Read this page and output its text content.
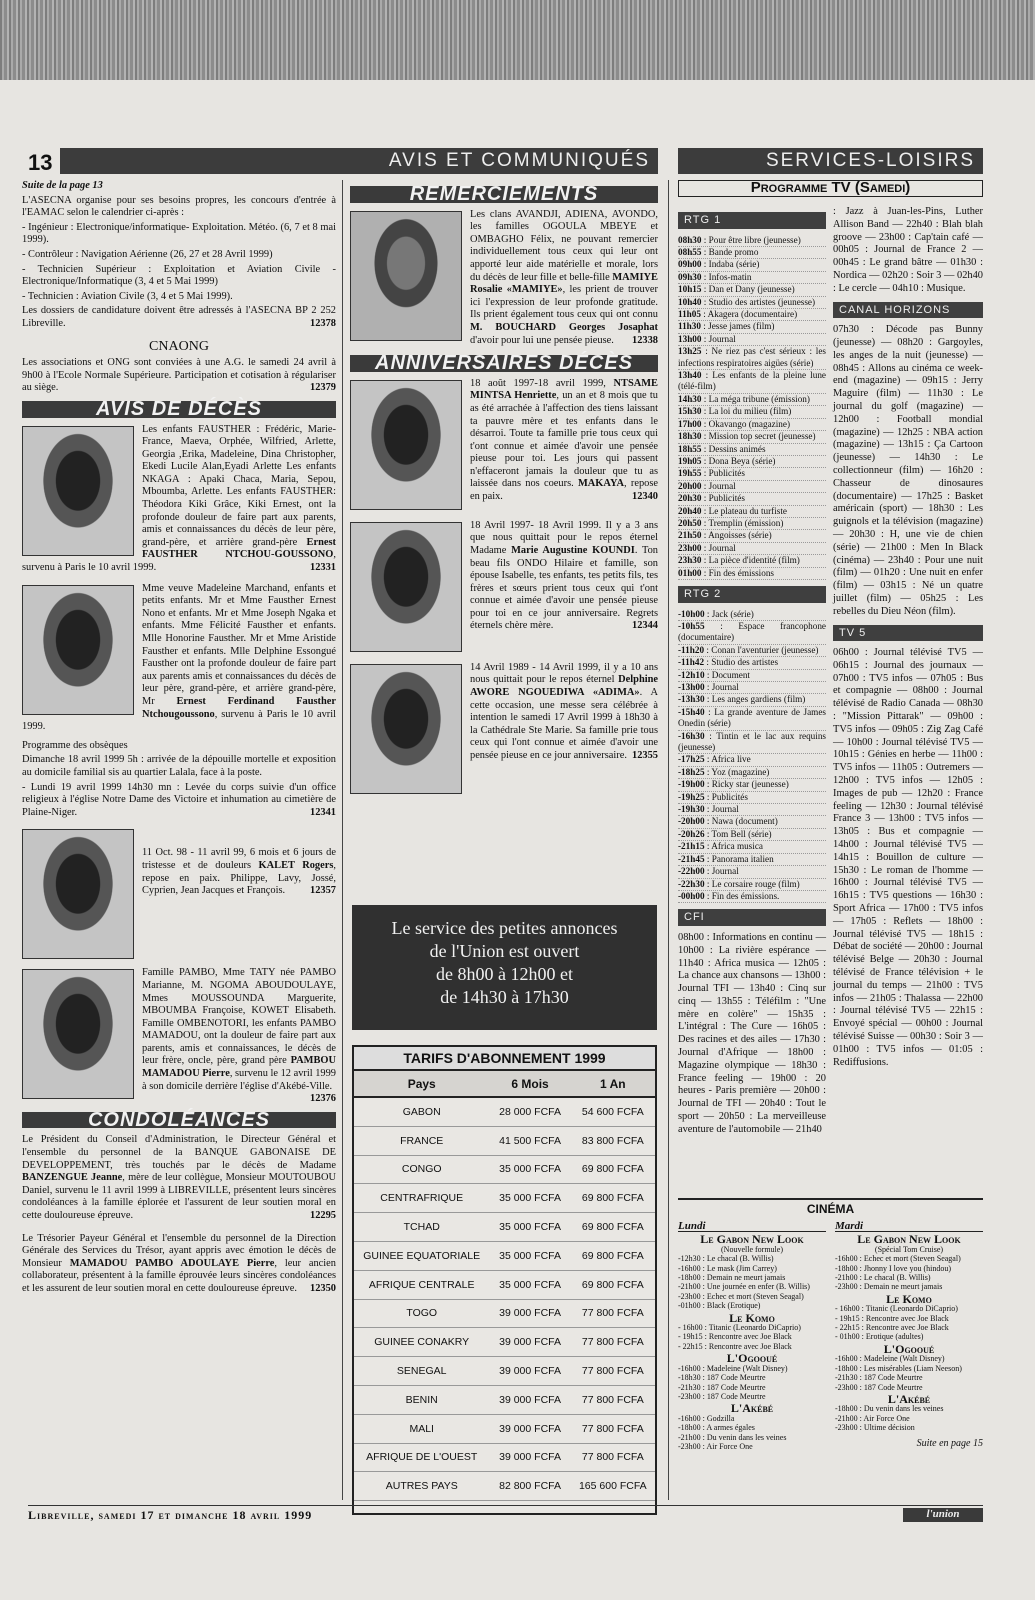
13	AVIS ET COMMUNIQUÉS	SERVICES-LOISIRS

Suite de la page 13

L'ASECNA organise pour ses besoins propres, les concours d'entrée à l'EAMAC selon le calendrier ci-après :

- Ingénieur : Electronique/informatique- Exploitation. Météo. (6, 7 et 8 mai 1999).

- Contrôleur : Navigation Aérienne (26, 27 et 28 Avril 1999)

- Technicien Supérieur : Exploitation et Aviation Civile - Electronique/Informatique (3, 4 et 5 Mai 1999)

- Technicien : Aviation Civile (3, 4 et 5 Mai 1999).

Les dossiers de candidature doivent être adressés à l'ASECNA BP 2 252 Libreville.	12378

CNAONG

Les associations et ONG sont conviées à une A.G. le samedi 24 avril à 9h00 à l'Ecole Normale Supérieure. Participation et cotisation à régulariser au siège.	12379

AVIS DE DÉCÈS

Les enfants FAUSTHER : Frédéric, Marie-France, Maeva, Orphée, Wilfried, Arlette, Georgia ,Erika, Madeleine, Dina Christopher, Ekedi Lucile Alan,Eyadi Arlette Les enfants NKAGA : Apaki Chaca, Maria, Sepou, Mboumba, Arlette. Les enfants FAUSTHER: Théodora Kiki Grâce, Kiki Ernest, ont la profonde douleur de faire part aux parents, amis et connaissances du décès de leur père, grand-père, et arrière grand-père Ernest FAUSTHER NTCHOU-GOUSSONO, survenu à Paris le 10 avril 1999.	12331

Mme veuve Madeleine Marchand, enfants et petits enfants. Mr et Mme Fausther Ernest Nono et enfants. Mr et Mme Joseph Ngaka et enfants. Mme Félicité Fausther et enfants. Mlle Honorine Fausther. Mr et Mme Aristide Fausther et enfants. Mlle Delphine Essongué Fausther ont la profonde douleur de faire part aux parents amis et connaissances du décès de leur père, grand-père, et arrière grand-père, Mr Ernest Ferdinand Fausther Ntchougoussono, survenu à Paris le 10 avril 1999.

Programme des obsèques

Dimanche 18 avril 1999 5h : arrivée de la dépouille mortelle et exposition au domicile familial sis au quartier Lalala, face à la poste.

- Lundi 19 avril 1999 14h30 mn : Levée du corps suivie d'un office religieux à l'église Notre Dame des Victoire et inhumation au cimetière de Plaine-Niger.	12341

11 Oct. 98 - 11 avril 99, 6 mois et 6 jours de tristesse et de douleurs KALET Rogers, repose en paix. Philippe, Lavy, Jossé, Cyprien, Jean Jacques et François. 12357

Famille PAMBO, Mme TATY née PAMBO Marianne, M. NGOMA ABOUDOULAYE, Mmes MOUSSOUNDA Marguerite, MBOUMBA Françoise, KOWET Elisabeth. Famille OMBENOTORI, les enfants PAMBO MAMADOU, ont la douleur de faire part aux parents, amis et connaissances, le décès de leur frère, oncle, père, grand père PAMBOU MAMADOU Pierre, survenu le 12 avril 1999 à son domicile derrière l'église d'Akébé-Ville.
12376

CONDOLÉANCES

Le Président du Conseil d'Administration, le Directeur Général et l'ensemble du personnel de la BANQUE GABONAISE DE DEVELOPPEMENT, très touchés par le décès de Madame BANZENGUE Jeanne, mère de leur collègue, Monsieur MOUTOUBOU Daniel, survenu le 11 avril 1999 à LIBREVILLE, présentent leurs sincères condoléances à la famille éplorée et l'assurent de leur soutien moral en cette douloureuse épreuve.	12295

Le Trésorier Payeur Général et l'ensemble du personnel de la Direction Générale des Services du Trésor, ayant appris avec émotion le décès de Monsieur MAMADOU PAMBO ADOULAYE Pierre, leur ancien collaborateur, présentent à la famille éprouvée leurs sincères condoléances et les assurent de leur soutien moral en cette douloureuse épreuve. 12350

REMERCIEMENTS

Les clans AVANDJI, ADIENA, AVONDO, les familles OGOULA MBEYE et OMBAGHO Félix, ne pouvant remercier individuellement tous ceux qui leur ont apporté leur aide matérielle et morale, lors du décès de leur fille et belle-fille MAMIYE Rosalie «MAMIYE», les prient de trouver ici l'expression de leur profonde gratitude. Ils prient également tous ceux qui ont connu M. BOUCHARD Georges Josaphat d'avoir pour lui une pensée pieuse. 12338

ANNIVERSAIRES DÉCÈS

18 août 1997-18 avril 1999, NTSAME MINTSA Henriette, un an et 8 mois que tu as été arrachée à l'affection des tiens laissant ta pauvre mère et tes enfants dans le désarroi. Toute ta famille prie tous ceux qui t'ont connue et aimée d'avoir une pensée pieuse pour toi. Les jours qui passent n'effaceront jamais la douleur que tu as laissée dans nos coeurs. MAKAYA, repose en paix.	12340

18 Avril 1997- 18 Avril 1999. Il y a 3 ans que nous quittait pour le repos éternel Madame Marie Augustine KOUNDI. Ton beau fils ONDO Hilaire et famille, son épouse Isabelle, tes enfants, tes petits fils, tes frères et sœurs prient tous ceux qui t'ont connue et aimée d'avoir une pensée pieuse pour toi en ce jour anniversaire. Regrets éternels chère mère.	12344

14 Avril 1989 - 14 Avril 1999, il y a 10 ans nous quittait pour le repos éternel Delphine AWORE NGOUEDIWA «ADIMA». A cette occasion, une messe sera célébrée à intention le samedi 17 Avril 1999 à 18h30 à la Cathédrale Ste Marie. Sa famille prie tous ceux qui l'ont connue et aimée d'avoir une pensée pieuse en ce jour anniversaire. 12355

Le service des petites annonces
de l'Union est ouvert
de 8h00 à 12h00 et
de 14h30 à 17h30
TARIFS D'ABONNEMENT 1999
Pays	6 Mois	1 An
GABON	28 000 FCFA	54 600 FCFA
FRANCE	41 500 FCFA	83 800 FCFA
CONGO	35 000 FCFA	69 800 FCFA
CENTRAFRIQUE	35 000 FCFA	69 800 FCFA
TCHAD	35 000 FCFA	69 800 FCFA
GUINEE EQUATORIALE	35 000 FCFA	69 800 FCFA
AFRIQUE CENTRALE	35 000 FCFA	69 800 FCFA
TOGO	39 000 FCFA	77 800 FCFA
GUINEE CONAKRY	39 000 FCFA	77 800 FCFA
SENEGAL	39 000 FCFA	77 800 FCFA
BENIN	39 000 FCFA	77 800 FCFA
MALI	39 000 FCFA	77 800 FCFA
AFRIQUE DE L'OUEST	39 000 FCFA	77 800 FCFA
AUTRES PAYS	82 800 FCFA	165 600 FCFA
Programme TV (Samedi)
RTG 1
08h30 : Pour être libre (jeunesse)
08h55 : Bande promo
09h00 : Indaba (série)
09h30 : Infos-matin
10h15 : Dan et Dany (jeunesse)
10h40 : Studio des artistes (jeunesse)
11h05 : Akagera (documentaire)
11h30 : Jesse james (film)
13h00 : Journal
13h25 : Ne riez pas c'est sérieux : les infections respiratoires aigües (série)
13h40 : Les enfants de la pleine lune (télé-film)
14h30 : La méga tribune (émission)
15h30 : La loi du milieu (film)
17h00 : Okavango (magazine)
18h30 : Mission top secret (jeunesse)
18h55 : Dessins animés
19h05 : Dona Beya (série)
19h55 : Publicités
20h00 : Journal
20h30 : Publicités
20h40 : Le plateau du turfiste
20h50 : Tremplin (émission)
21h50 : Angoisses (série)
23h00 : Journal
23h30 : La pièce d'identité (film)
01h00 : Fin des émissions
RTG 2
-10h00 : Jack (série)
-10h55 : Espace francophone (documentaire)
-11h20 : Conan l'aventurier (jeunesse)
-11h42 : Studio des artistes
-12h10 : Document
-13h00 : Journal
-13h30 : Les anges gardiens (film)
-15h40 : La grande aventure de James Onedin (série)
-16h30 : Tintin et le lac aux requins (jeunesse)
-17h25 : Africa live
-18h25 : Yoz (magazine)
-19h00 : Ricky star (jeunesse)
-19h25 : Publicités
-19h30 : Journal
-20h00 : Nawa (document)
-20h26 : Tom Bell (série)
-21h15 : Africa musica
-21h45 : Panorama italien
-22h00 : Journal
-22h30 : Le corsaire rouge (film)
-00h00 : Fin des émissions.
CFI
08h00 : Informations en continu — 10h00 : La rivière espérance — 11h40 : Africa musica — 12h05 : La chance aux chansons — 13h00 : Journal TFI — 13h40 : Cinq sur cinq — 13h55 : Téléfilm : "Une mère en colère" — 15h35 : L'intégral : The Cure — 16h05 : Des racines et des ailes — 17h30 : Journal d'Afrique — 18h00 : Magazine olympique — 18h30 : France feeling — 19h00 : 20 heures - Paris première — 20h00 : Journal de TFI — 20h40 : Tout le sport — 20h50 : La merveilleuse aventure de l'automobile — 21h40
: Jazz à Juan-les-Pins, Luther Allison Band — 22h40 : Blah blah groove — 23h00 : Cap'tain café — 00h05 : Journal de France 2 — 00h45 : Le grand bâtre — 01h30 : Nordica — 02h20 : Soir 3 — 02h40 : Le cercle — 04h10 : Musique.
CANAL HORIZONS
07h30 : Décode pas Bunny (jeunesse) — 08h20 : Gargoyles, les anges de la nuit (jeunesse) — 08h45 : Allons au cinéma ce week-end (magazine) — 09h15 : Jerry Maguire (film) — 11h30 : Le journal du golf (magazine) — 12h00 : Football mondial (magazine) — 12h25 : NBA action (magazine) — 13h15 : Ça Cartoon (jeunesse) — 14h30 : Le collectionneur (film) — 16h20 : Chasseur de dinosaures (documentaire) — 17h25 : Basket américain (sport) — 18h30 : Les guignols et la télévision (magazine) — 20h30 : H, une vie de chien (série) — 21h00 : Men In Black (cinéma) — 23h40 : Pour une nuit (film) — 01h20 : Une nuit en enfer (film) — 03h15 : Né un quatre juillet (film) — 05h25 : Les rebelles du Dieu Néon (film).
TV 5
06h00 : Journal télévisé TV5 — 06h15 : Journal des journaux — 07h00 : TV5 infos — 07h05 : Bus et compagnie — 08h00 : Journal télévisé de Radio Canada — 08h30 : "Mission Pittarak" — 09h00 : TV5 infos — 09h05 : Zig Zag Café — 10h00 : Journal télévisé TV5 — 10h15 : Génies en herbe — 11h00 : TV5 infos — 11h05 : Outremers — 12h00 : TV5 infos — 12h05 : Images de pub — 12h20 : France feeling — 12h30 : Journal télévisé France 3 — 13h00 : TV5 infos — 13h05 : Bus et compagnie — 14h00 : Journal télévisé TV5 — 14h15 : Bouillon de culture — 15h30 : Le roman de l'homme — 16h00 : Journal télévisé TV5 — 16h15 : TV5 questions — 16h30 : Sport Africa — 17h00 : TV5 infos — 17h05 : Reflets — 18h00 : Journal télévisé TV5 — 18h15 : Débat de société — 20h00 : Journal télévisé Belge — 20h30 : Journal télévisé de France télévision + le journal du temps — 21h00 : TV5 infos — 21h05 : Thalassa — 22h00 : Journal télévisé TV5 — 22h15 : Envoyé spécial — 00h00 : Journal télévisé Suisse — 00h30 : Soir 3 — 01h00 : TV5 infos — 01:05 : Rediffusions.
CINÉMA
Lundi
Le Gabon New Look
(Nouvelle formule)
-12h30 : Le chacal (B. Willis)
-16h00 : Le mask (Jim Carrey)
-18h00 : Demain ne meurt jamais
-21h00 : Une journée en enfer (B. Willis)
-23h00 : Echec et mort (Steven Seagal)
-01h00 : Black (Erotique)
Le Komo
- 16h00 : Titanic (Leonardo DiCaprio)
- 19h15 : Rencontre avec Joe Black
- 22h15 : Rencontre avec Joe Black
L'Ogooué
-16h00 : Madeleine (Walt Disney)
-18h30 : 187 Code Meurtre
-21h30 : 187 Code Meurtre
-23h00 : 187 Code Meurtre
L'Akébé
-16h00 : Godzilla
-18h00 : A armes égales
-21h00 : Du venin dans les veines
-23h00 : Air Force One
Mardi
Le Gabon New Look
(Spécial Tom Cruise)
-16h00 : Echec et mort (Steven Seagal)
-18h00 : Jhonny I love you (hindou)
-21h00 : Le chacal (B. Willis)
-23h00 : Demain ne meurt jamais
Le Komo
- 16h00 : Titanic (Leonardo DiCaprio)
- 19h15 : Rencontre avec Joe Black
- 22h15 : Rencontre avec Joe Black
- 01h00 : Erotique (adultes)
L'Ogooué
-16h00 : Madeleine (Walt Disney)
-18h00 : Les misérables (Liam Neeson)
-21h30 : 187 Code Meurtre
-23h00 : 187 Code Meurtre
L'Akébé
-18h00 : Du venin dans les veines
-21h00 : Air Force One
-23h00 : Ultime décision
Suite en page 15
Libreville, samedi 17 et dimanche 18 avril 1999	l'union
